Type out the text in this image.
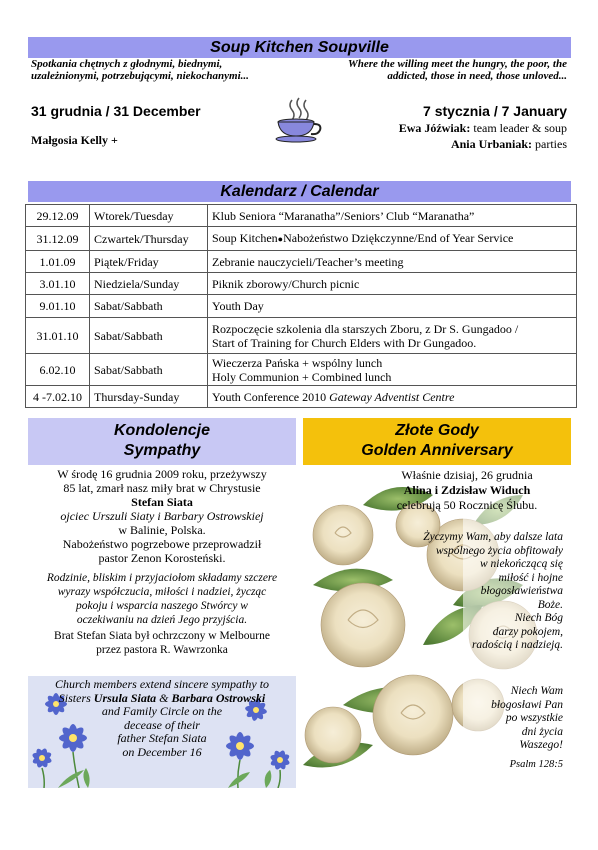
Soup Kitchen Soupville
Spotkania chętnych z głodnymi, biednymi, uzależnionymi, potrzebującymi, niekochanymi...
Where the willing meet the hungry, the poor, the addicted, those in need, those unloved...
31 grudnia / 31 December	7 stycznia / 7 January
Małgosia Kelly +
Ewa Jóźwiak: team leader & soup
Ania Urbaniak: parties
Kalendarz / Calendar
29.12.09	Wtorek/Tuesday	Klub Seniora “Maranatha”/Seniors’ Club “Maranatha”
31.12.09	Czwartek/Thursday	Soup Kitchen●Nabożeństwo Dziękczynne/End of Year Service
1.01.09	Piątek/Friday	Zebranie nauczycieli/Teacher’s meeting
3.01.10	Niedziela/Sunday	Piknik zborowy/Church picnic
9.01.10	Sabat/Sabbath	Youth Day
31.01.10	Sabat/Sabbath	Rozpoczęcie szkolenia dla starszych Zboru, z Dr S. Gungadoo /
Start of Training for Church Elders with Dr Gungadoo.

6.02.10	Sabat/Sabbath	Wieczerza Pańska + wspólny lunch
Holy Communion + Combined lunch

4 -7.02.10	Thursday-Sunday	Youth Conference 2010 Gateway Adventist Centre
Kondolencje
Sympathy
W środę 16 grudnia 2009 roku, przeżywszy
85 lat, zmarł nasz miły brat w Chrystusie
Stefan Siata
ojciec Urszuli Siaty i Barbary Ostrowskiej
w Balinie, Polska.
Nabożeństwo pogrzebowe przeprowadził
pastor Zenon Korosteński.
Rodzinie, bliskim i przyjaciołom składamy szczere
wyrazy współczucia, miłości i nadziei, życząc
pokoju i wsparcia naszego Stwórcy w
oczekiwaniu na dzień Jego przyjścia.
Brat Stefan Siata był ochrzczony w Melbourne
przez pastora R. Wawrzonka
Church members extend sincere sympathy to
Sisters Ursula Siata & Barbara Ostrowski
and Family Circle on the
decease of their
father Stefan Siata
on December 16
Złote Gody
Golden Anniversary
Właśnie dzisiaj, 26 grudnia
Alina i Zdzisław Widuch
celebrują 50 Rocznicę Ślubu.
Życzymy Wam, aby dalsze lata
wspólnego życia obfitowały
w niekończącą się
miłość i hojne
błogosławieństwa
Boże.
Niech Bóg
darzy pokojem,
radością i nadzieją.
Niech Wam
błogosławi Pan
po wszystkie
dni życia
Waszego!
Psalm 128:5
